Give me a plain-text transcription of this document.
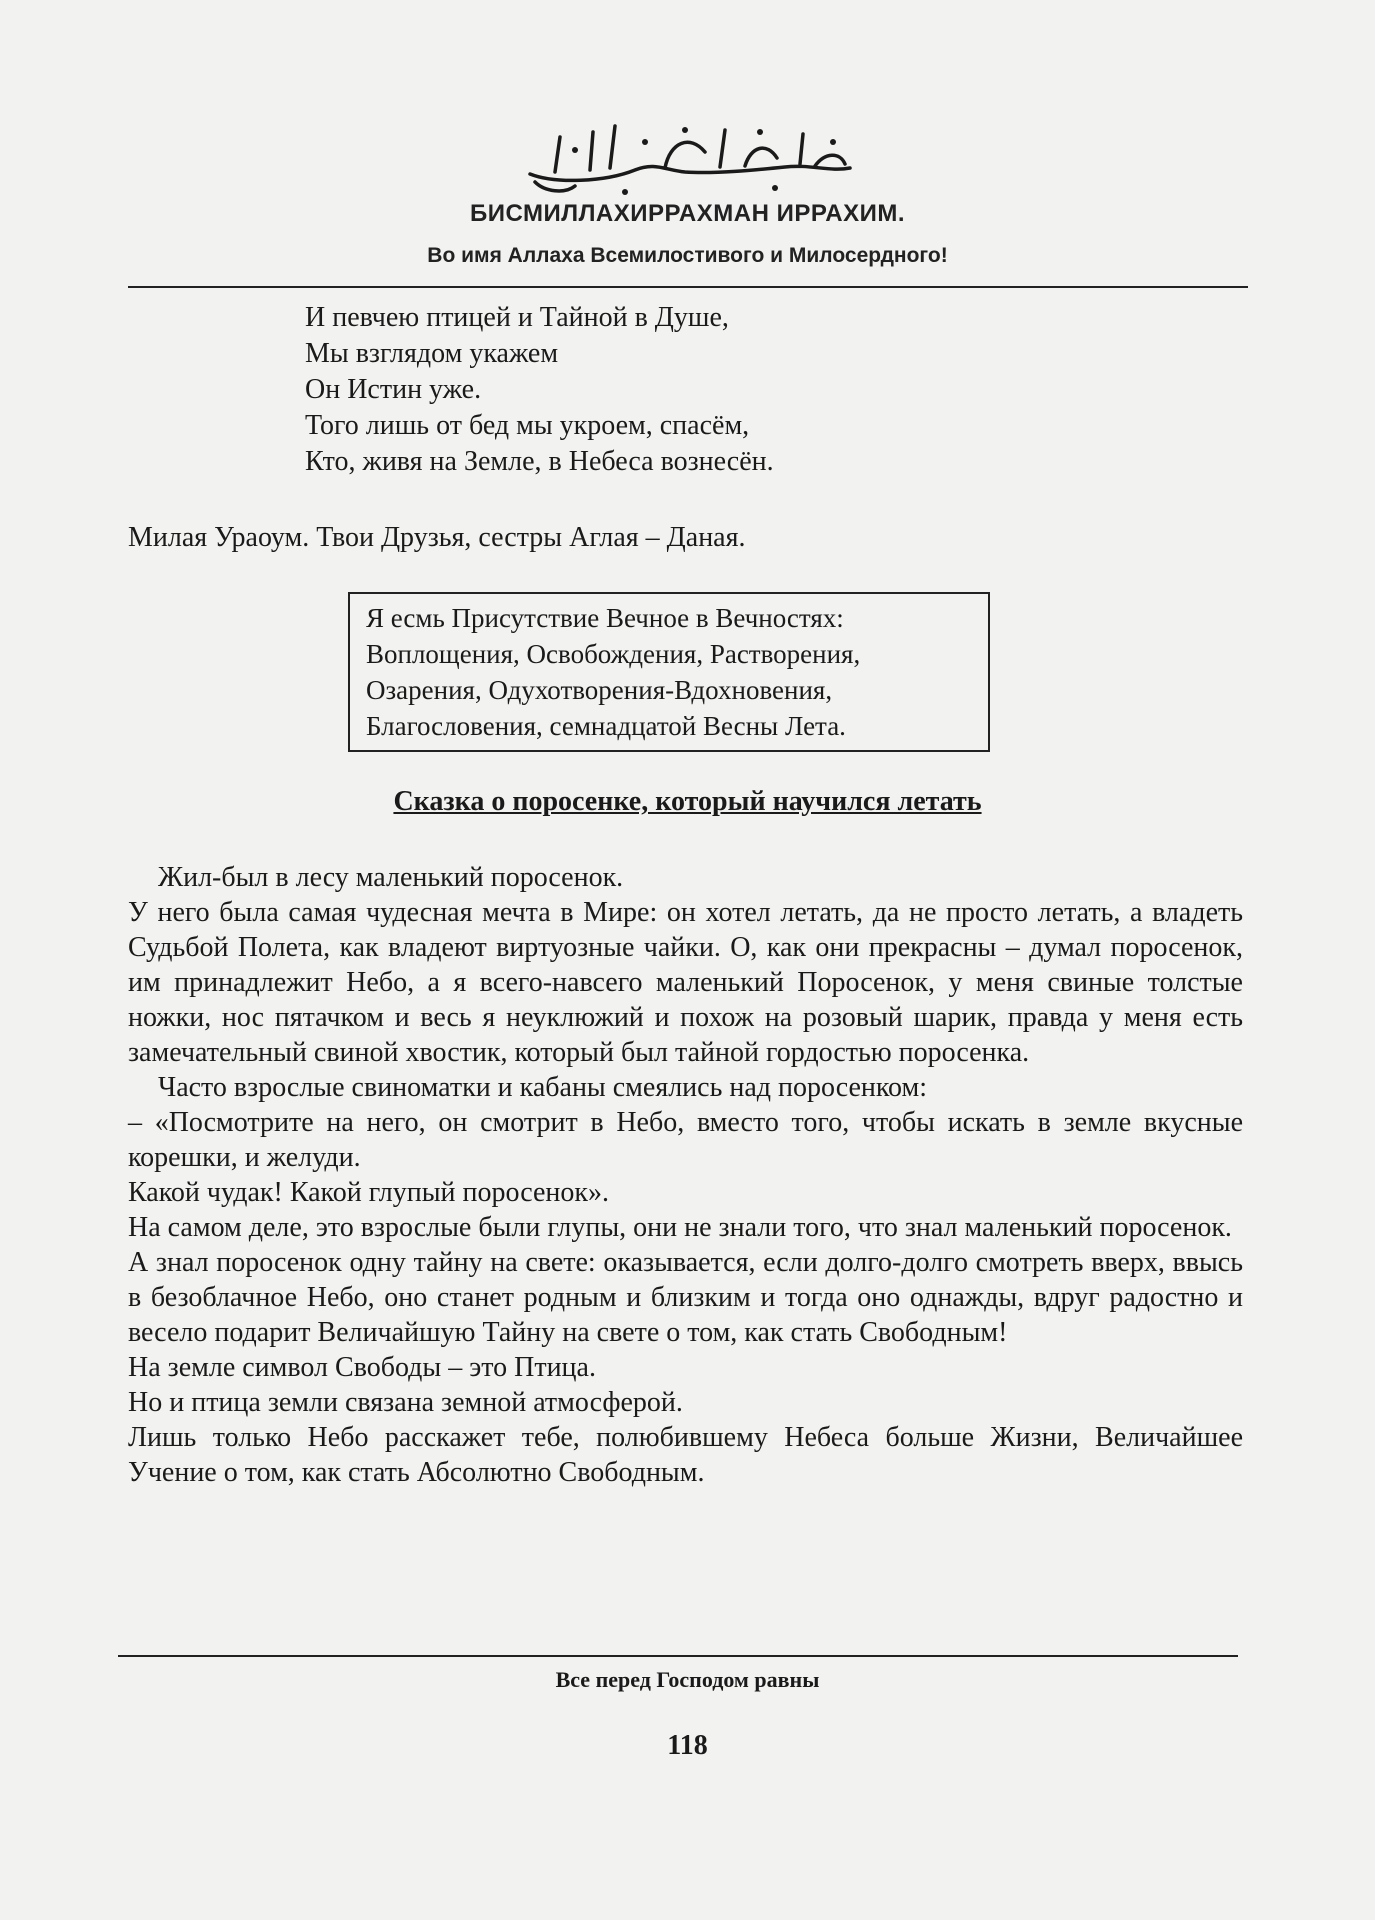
БИСМИЛЛАХИРРАХМАН ИРРАХИМ.
Во имя Аллаха Всемилостивого и Милосердного!
И певчею птицей и Тайной в Душе,
Мы взглядом укажем
Он Истин уже.
Того лишь от бед мы укроем, спасём,
Кто, живя на Земле, в Небеса вознесён.
Милая Ураоум. Твои Друзья, сестры Аглая – Даная.
Я есмь Присутствие Вечное в Вечностях:
Воплощения, Освобождения, Растворения,
Озарения, Одухотворения-Вдохновения,
Благословения, семнадцатой Весны Лета.
Сказка о поросенке, который научился летать

Жил-был в лесу маленький поросенок.

У него была самая чудесная мечта в Мире: он хотел летать, да не просто летать, а владеть Судьбой Полета, как владеют виртуозные чайки. О, как они прекрасны – думал поросенок, им принадлежит Небо, а я всего-навсего маленький Поросенок, у меня свиные толстые ножки, нос пятачком и весь я неуклюжий и похож на розовый шарик, правда у меня есть замечательный свиной хвостик, который был тайной гордостью поросенка.

Часто взрослые свиноматки и кабаны смеялись над поросенком:

– «Посмотрите на него, он смотрит в Небо, вместо того, чтобы искать в земле вкусные корешки, и желуди.

Какой чудак! Какой глупый поросенок».

На самом деле, это взрослые были глупы, они не знали того, что знал маленький поросенок.

А знал поросенок одну тайну на свете: оказывается, если долго-долго смотреть вверх, ввысь в безоблачное Небо, оно станет родным и близким и тогда оно однажды, вдруг радостно и весело подарит Величайшую Тайну на свете о том, как стать Свободным!

На земле символ Свободы – это Птица.

Но и птица земли связана земной атмосферой.

Лишь только Небо расскажет тебе, полюбившему Небеса больше Жизни, Величайшее Учение о том, как стать Абсолютно Свободным.

Все перед Господом равны
118
